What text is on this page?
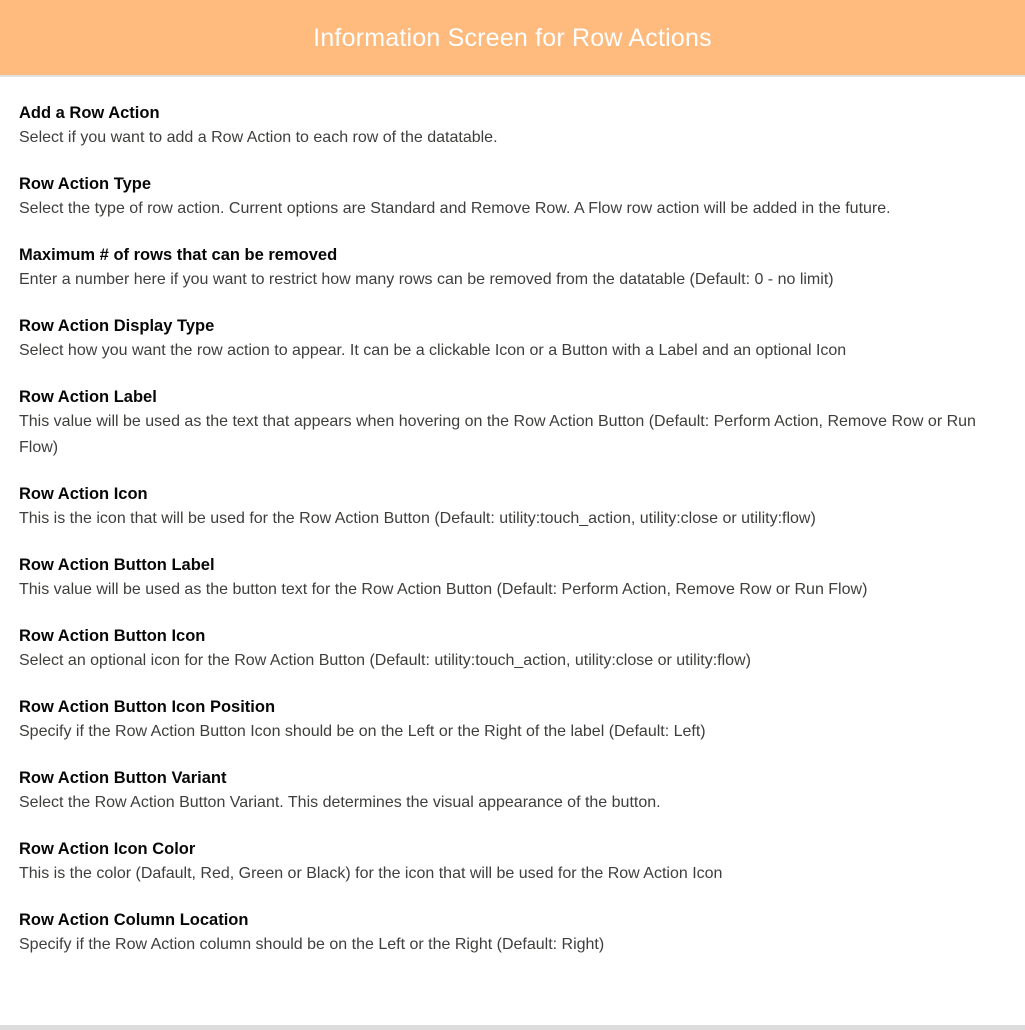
Information Screen for Row Actions
Add a Row Action
Select if you want to add a Row Action to each row of the datatable.
Row Action Type
Select the type of row action. Current options are Standard and Remove Row. A Flow row action will be added in the future.
Maximum # of rows that can be removed
Enter a number here if you want to restrict how many rows can be removed from the datatable (Default: 0 - no limit)
Row Action Display Type
Select how you want the row action to appear. It can be a clickable Icon or a Button with a Label and an optional Icon
Row Action Label
This value will be used as the text that appears when hovering on the Row Action Button (Default: Perform Action, Remove Row or Run Flow)
Row Action Icon
This is the icon that will be used for the Row Action Button (Default: utility:touch_action, utility:close or utility:flow)
Row Action Button Label
This value will be used as the button text for the Row Action Button (Default: Perform Action, Remove Row or Run Flow)
Row Action Button Icon
Select an optional icon for the Row Action Button (Default: utility:touch_action, utility:close or utility:flow)
Row Action Button Icon Position
Specify if the Row Action Button Icon should be on the Left or the Right of the label (Default: Left)
Row Action Button Variant
Select the Row Action Button Variant. This determines the visual appearance of the button.
Row Action Icon Color
This is the color (Dafault, Red, Green or Black) for the icon that will be used for the Row Action Icon
Row Action Column Location
Specify if the Row Action column should be on the Left or the Right (Default: Right)
